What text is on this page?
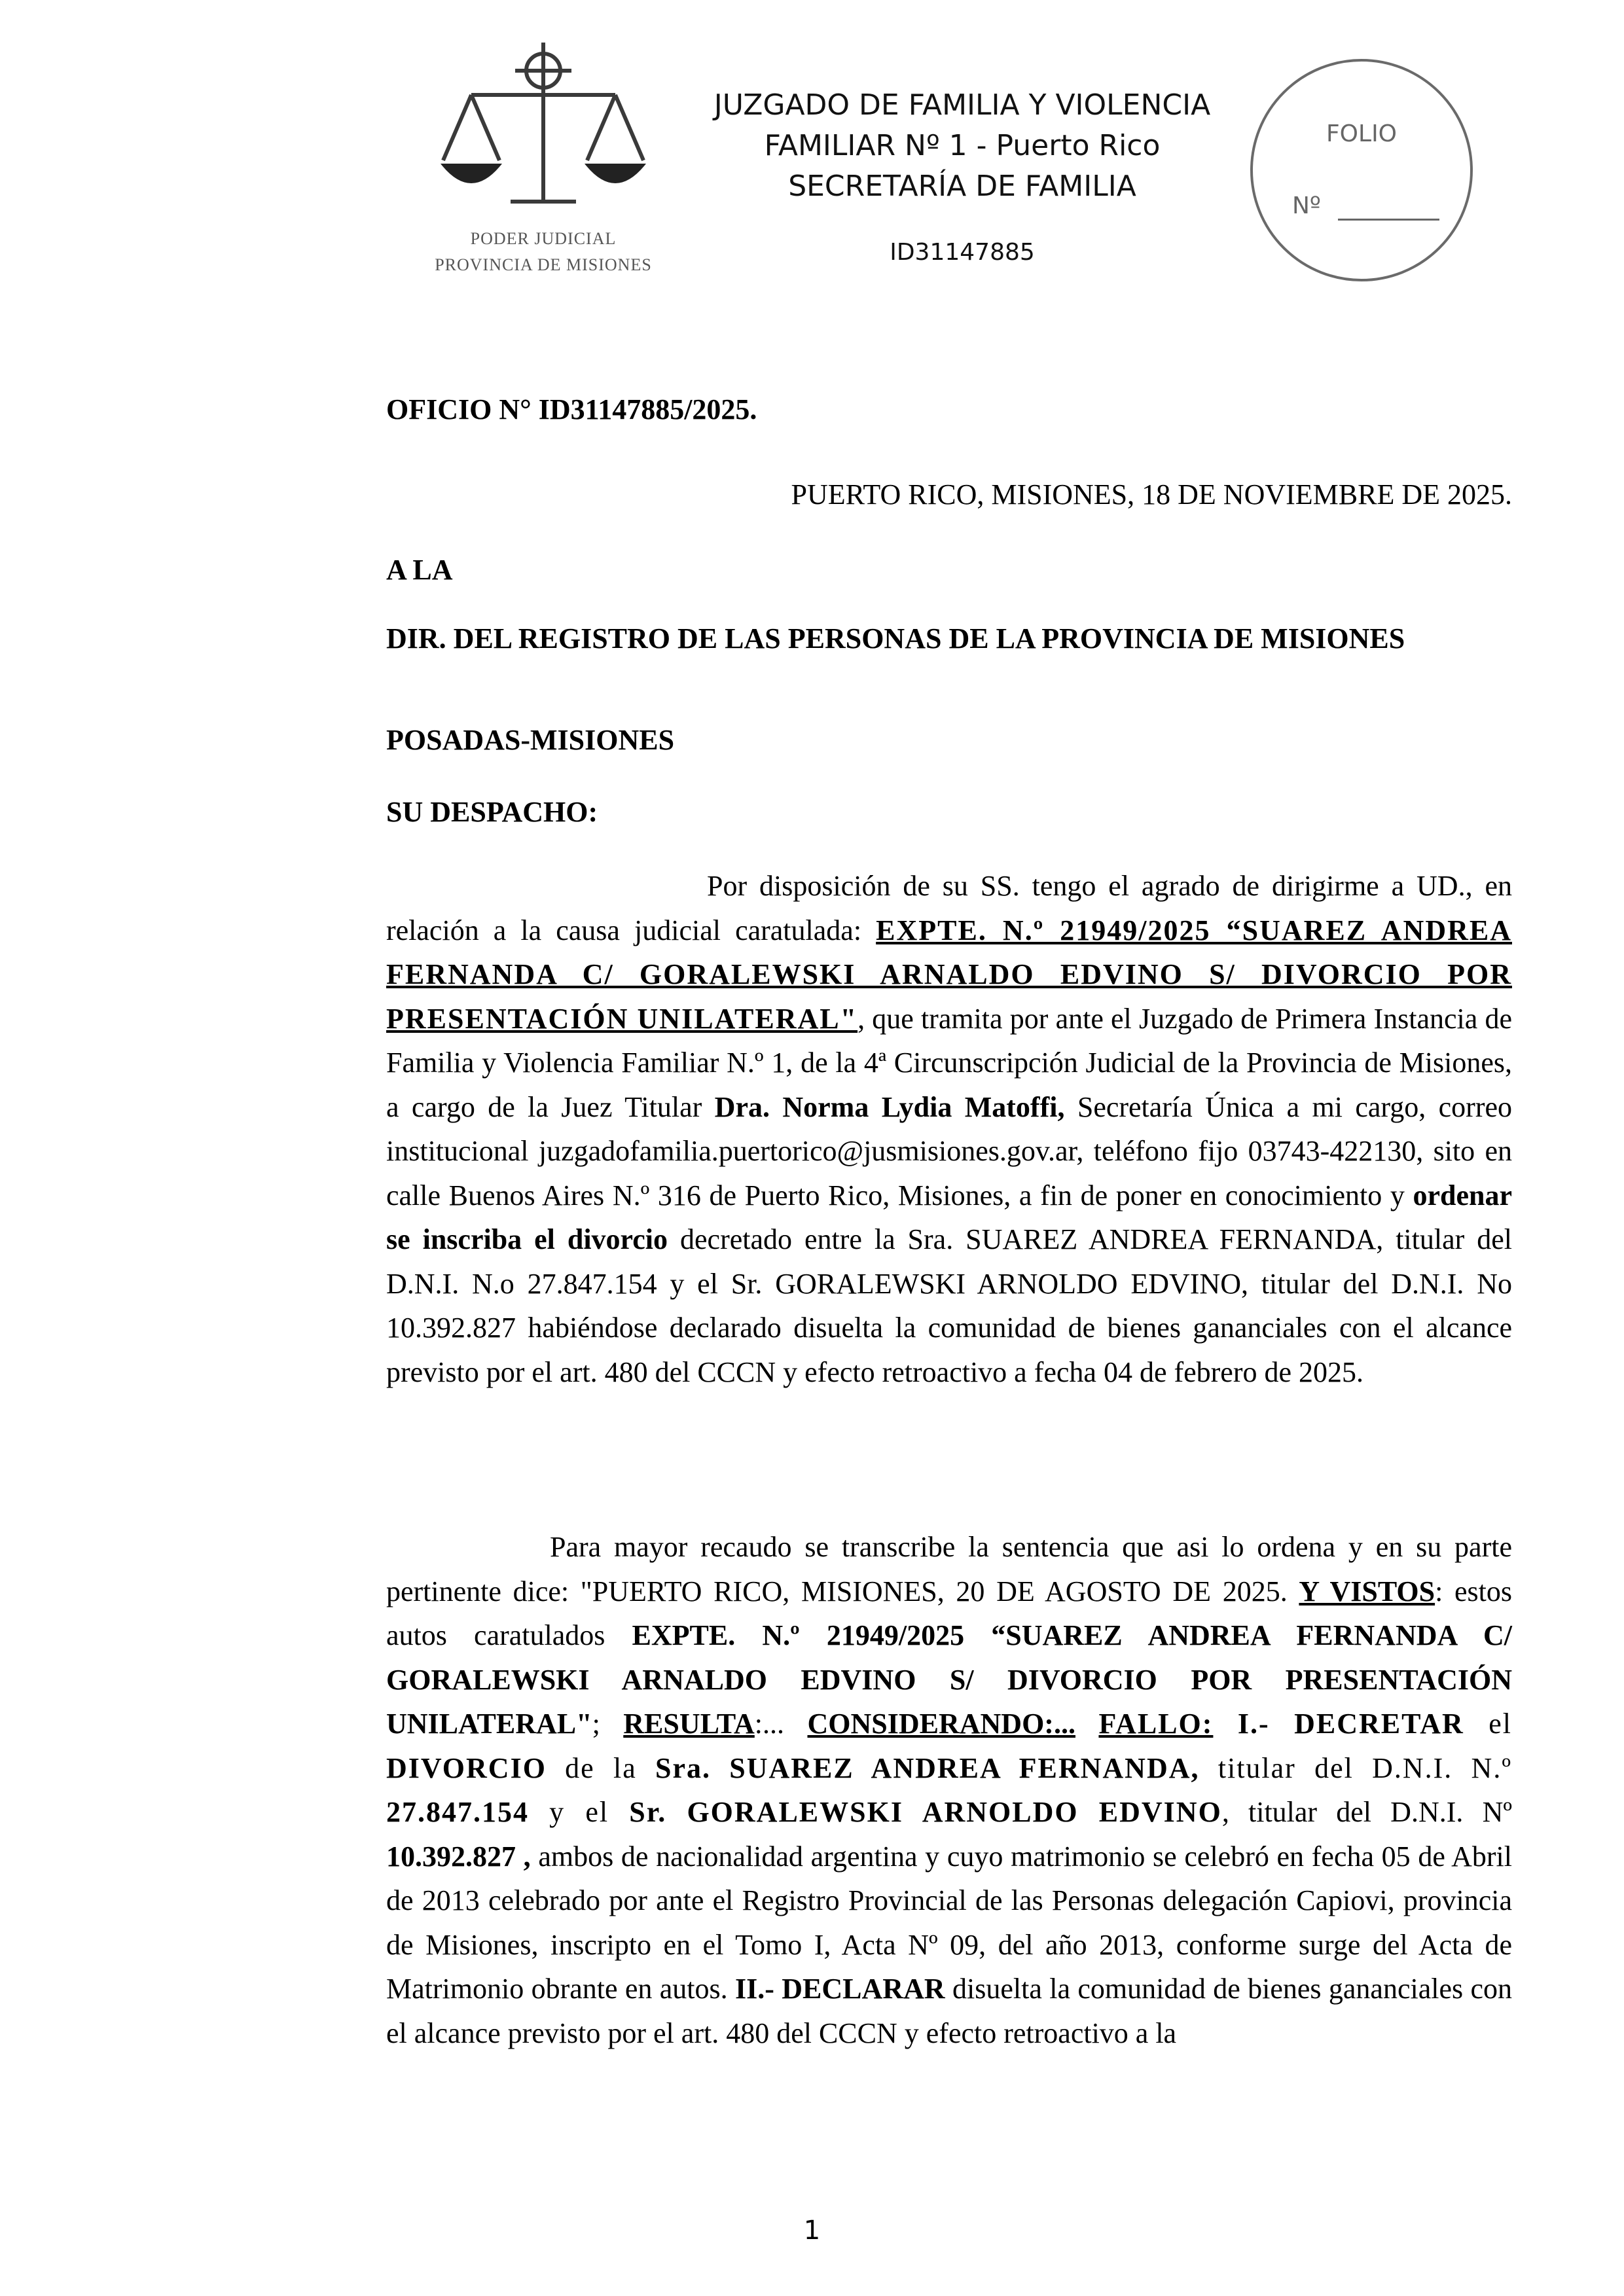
PODER JUDICIAL
PROVINCIA DE MISIONES
JUZGADO DE FAMILIA Y VIOLENCIA
FAMILIAR Nº 1 - Puerto Rico
SECRETARÍA DE FAMILIA
ID31147885
FOLIO
Nº
OFICIO N° ID31147885/2025.
PUERTO RICO, MISIONES, 18 DE NOVIEMBRE DE 2025.
A LA
DIR. DEL REGISTRO DE LAS PERSONAS DE LA PROVINCIA DE MISIONES
POSADAS-MISIONES
SU DESPACHO:
Por disposición de su SS. tengo el agrado de dirigirme a UD., en relación a la causa judicial caratulada: EXPTE. N.º 21949/2025 “SUAREZ ANDREA FERNANDA C/ GORALEWSKI ARNALDO EDVINO S/ DIVORCIO POR PRESENTACIÓN UNILATERAL", que tramita por ante el Juzgado de Primera Instancia de Familia y Violencia Familiar N.º 1, de la 4ª Circunscripción Judicial de la Provincia de Misiones, a cargo de la Juez Titular Dra. Norma Lydia Matoffi, Secretaría Única a mi cargo, correo institucional juzgadofamilia.puertorico@jusmisiones.gov.ar, teléfono fijo 03743-422130, sito en calle Buenos Aires N.º 316 de Puerto Rico, Misiones, a fin de poner en conocimiento y ordenar se inscriba el divorcio decretado entre la Sra. SUAREZ ANDREA FERNANDA, titular del D.N.I. N.o 27.847.154 y el Sr. GORALEWSKI ARNOLDO EDVINO, titular del D.N.I. No 10.392.827 habiéndose declarado disuelta la comunidad de bienes gananciales con el alcance previsto por el art. 480 del CCCN y efecto retroactivo a fecha 04 de febrero de 2025.
Para mayor recaudo se transcribe la sentencia que asi lo ordena y en su parte pertinente dice: "PUERTO RICO, MISIONES, 20 DE AGOSTO DE 2025. Y VISTOS: estos autos caratulados EXPTE. N.º 21949/2025 “SUAREZ ANDREA FERNANDA C/ GORALEWSKI ARNALDO EDVINO S/ DIVORCIO POR PRESENTACIÓN UNILATERAL"; RESULTA:... CONSIDERANDO:... FALLO: I.- DECRETAR el DIVORCIO de la Sra. SUAREZ ANDREA FERNANDA, titular del D.N.I. N.º 27.847.154 y el Sr. GORALEWSKI ARNOLDO EDVINO, titular del D.N.I. Nº 10.392.827 , ambos de nacionalidad argentina y cuyo matrimonio se celebró en fecha 05 de Abril de 2013 celebrado por ante el Registro Provincial de las Personas delegación Capiovi, provincia de Misiones, inscripto en el Tomo I, Acta Nº 09, del año 2013, conforme surge del Acta de Matrimonio obrante en autos. II.- DECLARAR disuelta la comunidad de bienes gananciales con el alcance previsto por el art. 480 del CCCN y efecto retroactivo a la
1
